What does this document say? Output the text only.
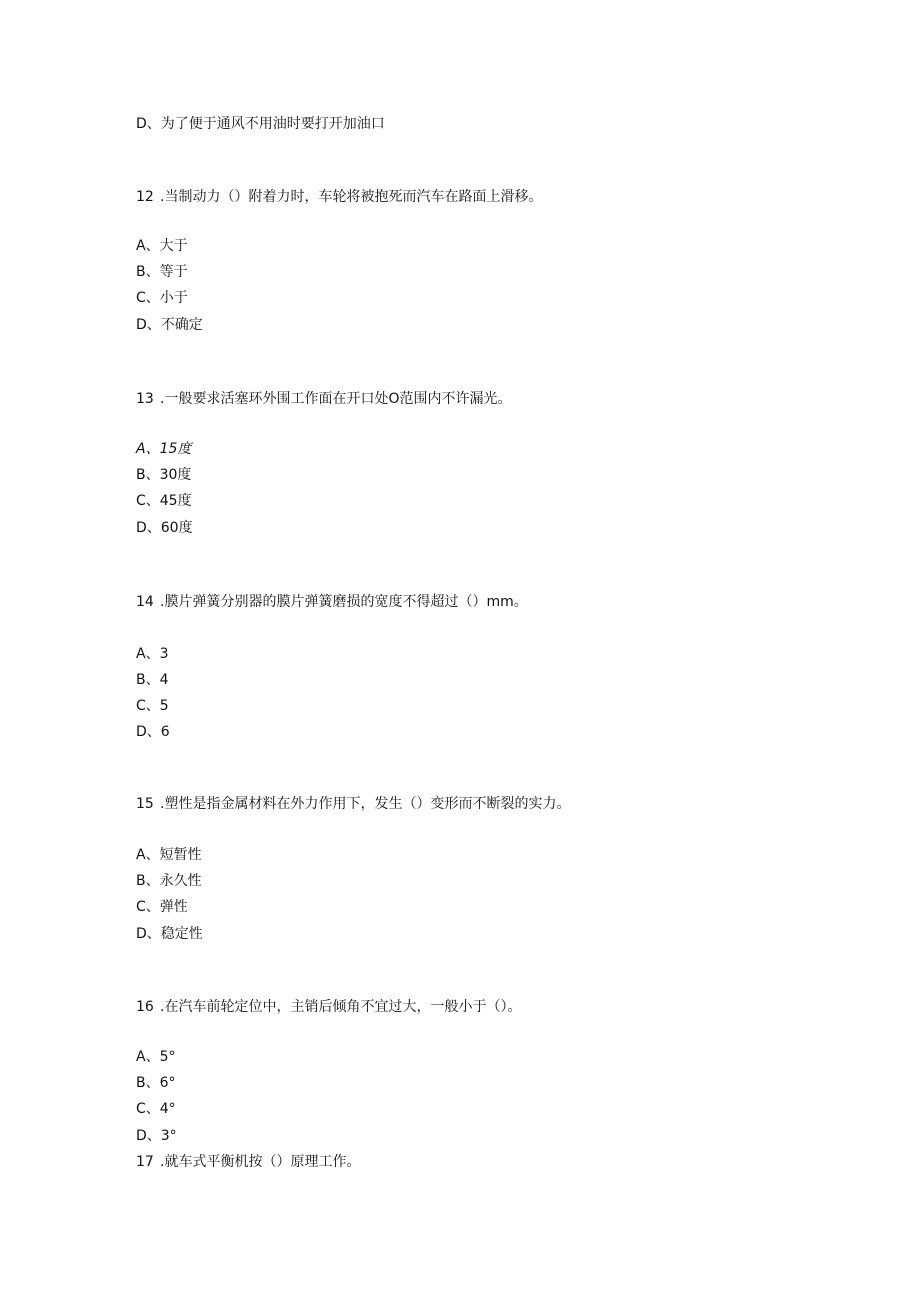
D、为了便于通风不用油时要打开加油口
12 .当制动力（）附着力时，车轮将被抱死而汽车在路面上滑移。
A、大于
B、等于
C、小于
D、不确定
13 .一般要求活塞环外围工作面在开口处O范围内不许漏光。
A、15度
B、30度
C、45度
D、60度
14 .膜片弹簧分别器的膜片弹簧磨损的宽度不得超过（）mm。
A、3
B、4
C、5
D、6
15 .塑性是指金属材料在外力作用下，发生（）变形而不断裂的实力。
A、短暂性
B、永久性
C、弹性
D、稳定性
16 .在汽车前轮定位中，主销后倾角不宜过大，一般小于（）。
A、5°
B、6°
C、4°
D、3°
17 .就车式平衡机按（）原理工作。
